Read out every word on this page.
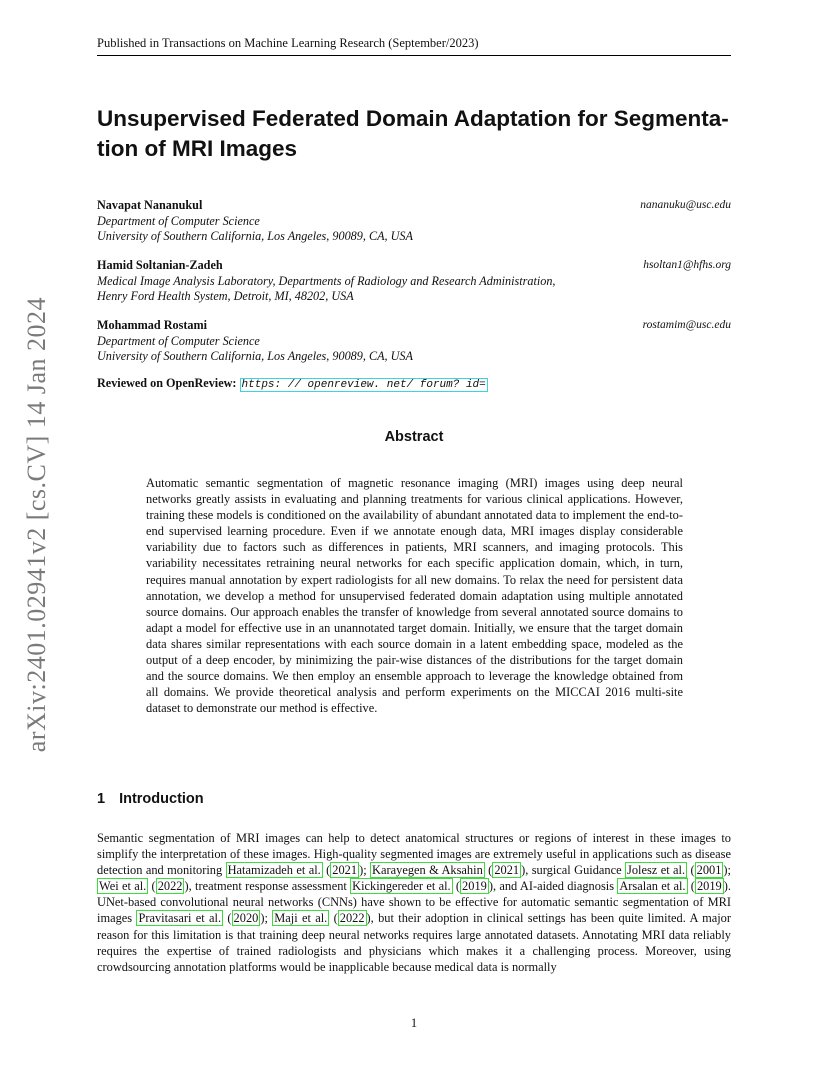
arXiv:2401.02941v2 [cs.CV] 14 Jan 2024
Published in Transactions on Machine Learning Research (September/2023)
Unsupervised Federated Domain Adaptation for Segmenta- tion of MRI Images
Navapat Nananukul	nananuku@usc.edu
Department of Computer Science
University of Southern California, Los Angeles, 90089, CA, USA
Hamid Soltanian-Zadeh	hsoltan1@hfhs.org
Medical Image Analysis Laboratory, Departments of Radiology and Research Administration,
Henry Ford Health System, Detroit, MI, 48202, USA
Mohammad Rostami	rostamim@usc.edu
Department of Computer Science
University of Southern California, Los Angeles, 90089, CA, USA
Reviewed on OpenReview: https: // openreview. net/ forum? id=
Abstract

Automatic semantic segmentation of magnetic resonance imaging (MRI) images using deep neural networks greatly assists in evaluating and planning treatments for various clinical applications. However, training these models is conditioned on the availability of abundant annotated data to implement the end-to-end supervised learning procedure. Even if we annotate enough data, MRI images display considerable variability due to factors such as differences in patients, MRI scanners, and imaging protocols. This variability necessitates retraining neural networks for each specific application domain, which, in turn, requires manual annotation by expert radiologists for all new domains. To relax the need for persistent data annotation, we develop a method for unsupervised federated domain adaptation using multiple annotated source domains. Our approach enables the transfer of knowledge from several annotated source domains to adapt a model for effective use in an unannotated target domain. Initially, we ensure that the target domain data shares similar representations with each source domain in a latent embedding space, modeled as the output of a deep encoder, by minimizing the pair-wise distances of the distributions for the target domain and the source domains. We then employ an ensemble approach to leverage the knowledge obtained from all domains. We provide theoretical analysis and perform experiments on the MICCAI 2016 multi-site dataset to demonstrate our method is effective.

1 Introduction

Semantic segmentation of MRI images can help to detect anatomical structures or regions of interest in these images to simplify the interpretation of these images. High-quality segmented images are extremely useful in applications such as disease detection and monitoring Hatamizadeh et al. ( 2021 ); Karayegen & Aksahin ( 2021 ), surgical Guidance Jolesz et al. ( 2001 ); Wei et al. ( 2022 ), treatment response assessment Kickingereder et al. ( 2019 ), and AI-aided diagnosis Arsalan et al. ( 2019 ). UNet-based convolutional neural networks (CNNs) have shown to be effective for automatic semantic segmentation of MRI images Pravitasari et al. ( 2020 ); Maji et al. ( 2022 ), but their adoption in clinical settings has been quite limited. A major reason for this limitation is that training deep neural networks requires large annotated datasets. Annotating MRI data reliably requires the expertise of trained radiologists and physicians which makes it a challenging process. Moreover, using crowdsourcing annotation platforms would be inapplicable because medical data is normally

1
